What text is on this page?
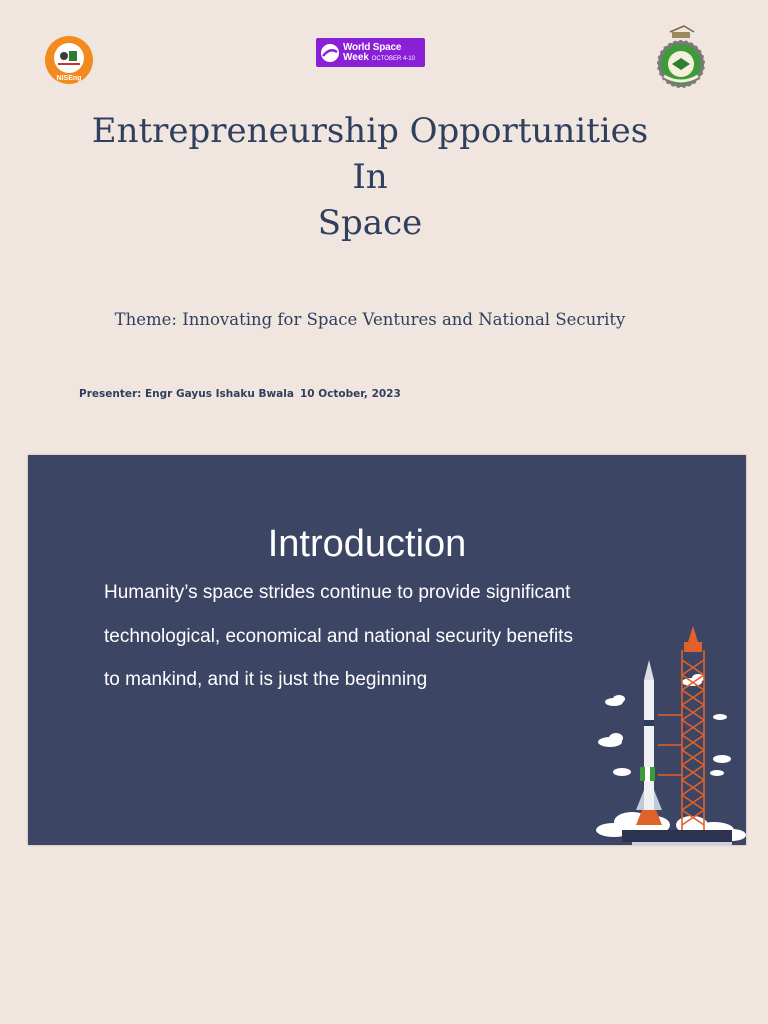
NISEng
World Space
Week OCTOBER 4-10
Entrepreneurship Opportunities
In
Space
Theme: Innovating for Space Ventures and National Security
Presenter: Engr Gayus Ishaku Bwala 10 October, 2023
Introduction
Humanity’s space strides continue to provide significant
technological, economical and national security benefits
to mankind, and it is just the beginning
